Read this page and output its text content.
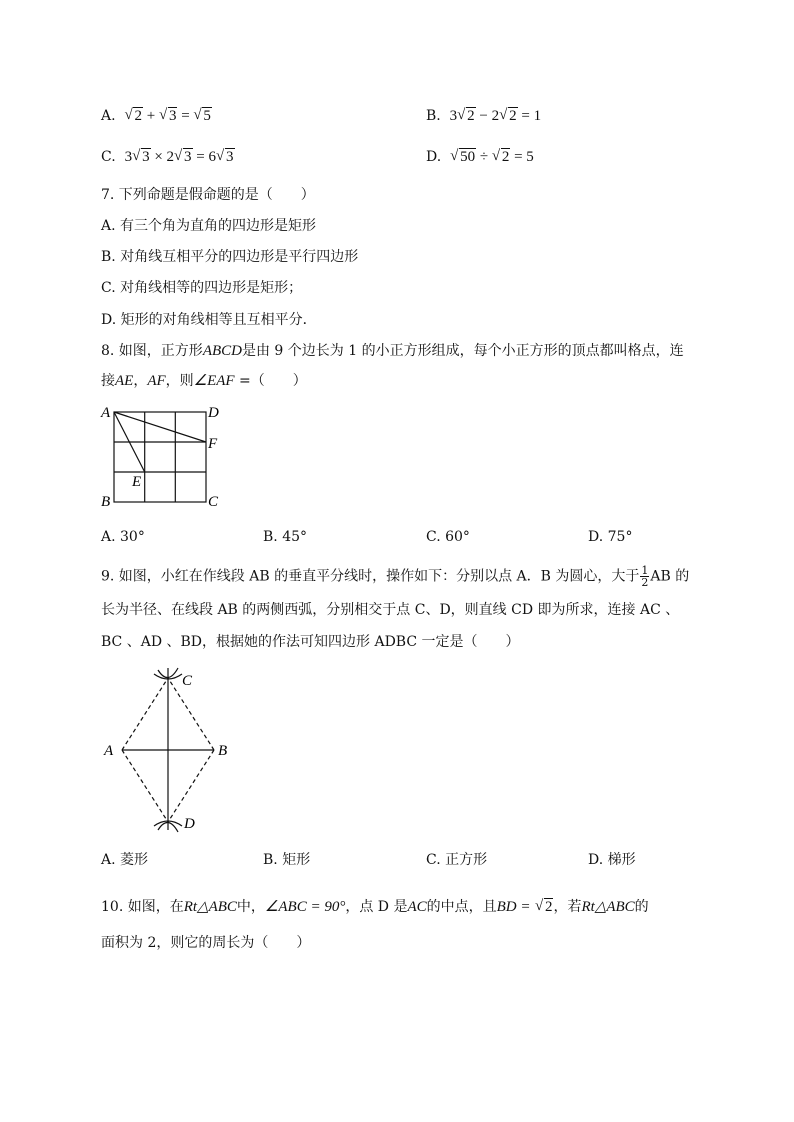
A. √ 2 + √ 3 = √ 5	B. 3 √ 2 − 2 √ 2 = 1
C. 3 √ 3 × 2 √ 3 = 6 √ 3	D. √ 50 ÷ √ 2 = 5
7. 下列命题是假命题的是（　　）
A. 有三个角为直角的四边形是矩形
B. 对角线互相平分的四边形是平行四边形
C. 对角线相等的四边形是矩形；
D. 矩形的对角线相等且互相平分．
8. 如图，正方形ABCD是由 9 个边长为 1 的小正方形组成，每个小正方形的顶点都叫格点，连
接AE，AF，则∠EAF =（　　）
A	D
F
E
B	C
A. 30°	B. 45°	C. 60°	D. 75°
9. 如图，小红在作线段 AB 的垂直平分线时，操作如下：分别以点 A．B 为圆心，大于 $\frac{1}{2}$ AB 的
长为半径、在线段 AB 的两侧西弧，分别相交于点 C、D，则直线 CD 即为所求，连接 AC 、
BC 、AD 、BD，根据她的作法可知四边形 ADBC 一定是（　　）
A	B
C
D
A. 菱形	B. 矩形	C. 正方形	D. 梯形
10. 如图，在Rt△ABC中，∠ABC = 90°，点 D 是AC的中点，且BD = √ 2，若Rt△ABC的
面积为 2，则它的周长为（　　）
